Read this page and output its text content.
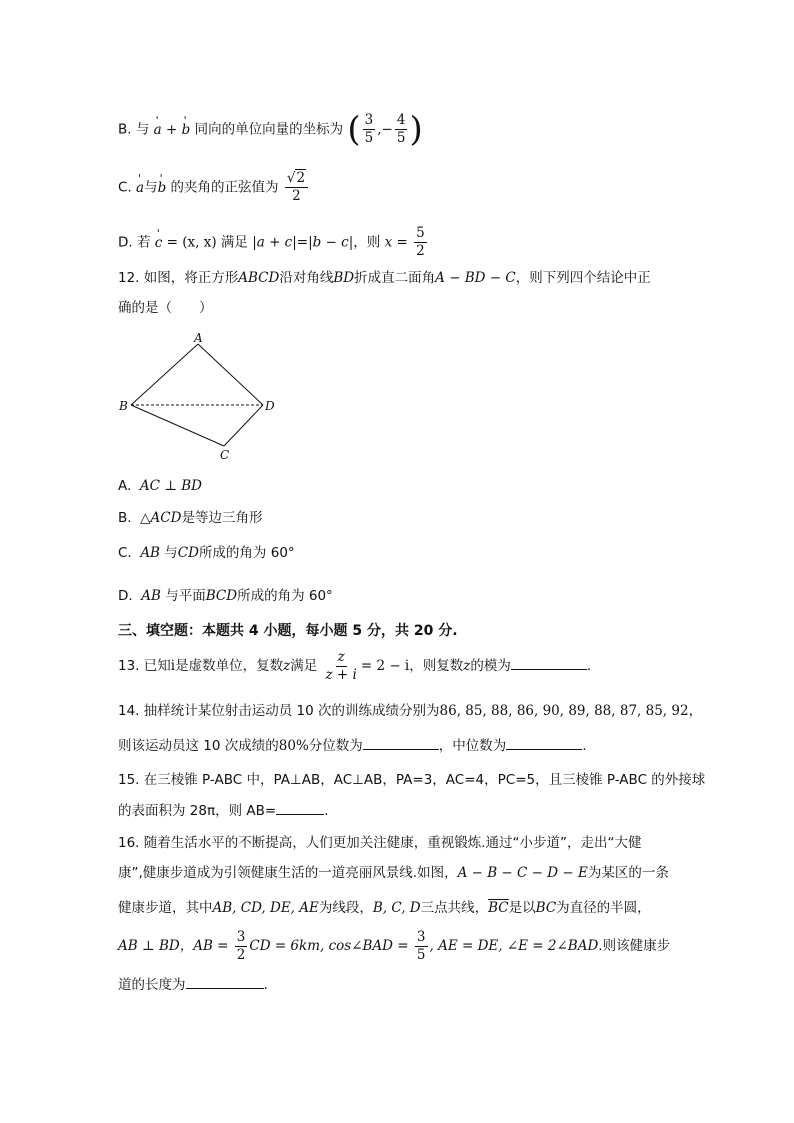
B. 与 ' a + ' b 同向的单位向量的坐标为 ( $\frac{3}{5}$ ,− $\frac{4}{5}$ )
C. ' a与' b 的夹角的正弦值为 $\frac{√2}{2}$
D. 若 ' c = (x, x) 满足 |a + c|=|b − c|，则 $x = \frac{5}{2}$
12. 如图，将正方形ABCD沿对角线BD折成直二面角A − BD − C，则下列四个结论中正
确的是（　　）
A
B
C
D
A. AC ⊥ BD
B. △ACD是等边三角形
C. AB 与CD所成的角为 60°
D. AB 与平面BCD所成的角为 60°
三、填空题：本题共 4 小题，每小题 5 分，共 20 分.
13. 已知i是虚数单位，复数z满足 $\frac{z}{z + i} = 2 - i$，则复数z的模为	.
14. 抽样统计某位射击运动员 10 次的训练成绩分别为86, 85, 88, 86, 90, 89, 88, 87, 85, 92，
则该运动员这 10 次成绩的80%分位数为	，中位数为	.
15. 在三棱锥 P-ABC 中，PA⊥AB，AC⊥AB，PA=3，AC=4，PC=5，且三棱锥 P-ABC 的外接球
的表面积为 28π，则 AB=	.
16. 随着生活水平的不断提高，人们更加关注健康，重视锻炼.通过“小步道”，走出“大健
康”,健康步道成为引领健康生活的一道亮丽风景线.如图，A − B − C − D − E为某区的一条
健康步道，其中AB, CD, DE, AE为线段，B, C, D三点共线，$\overline{BC}$是以BC为直径的半圆，
AB ⊥ BD，AB = $\frac{3}{2}$ CD = 6km, cos∠BAD = $\frac{3}{5}$ , AE = DE, ∠E = 2∠BAD.则该健康步
道的长度为	.
